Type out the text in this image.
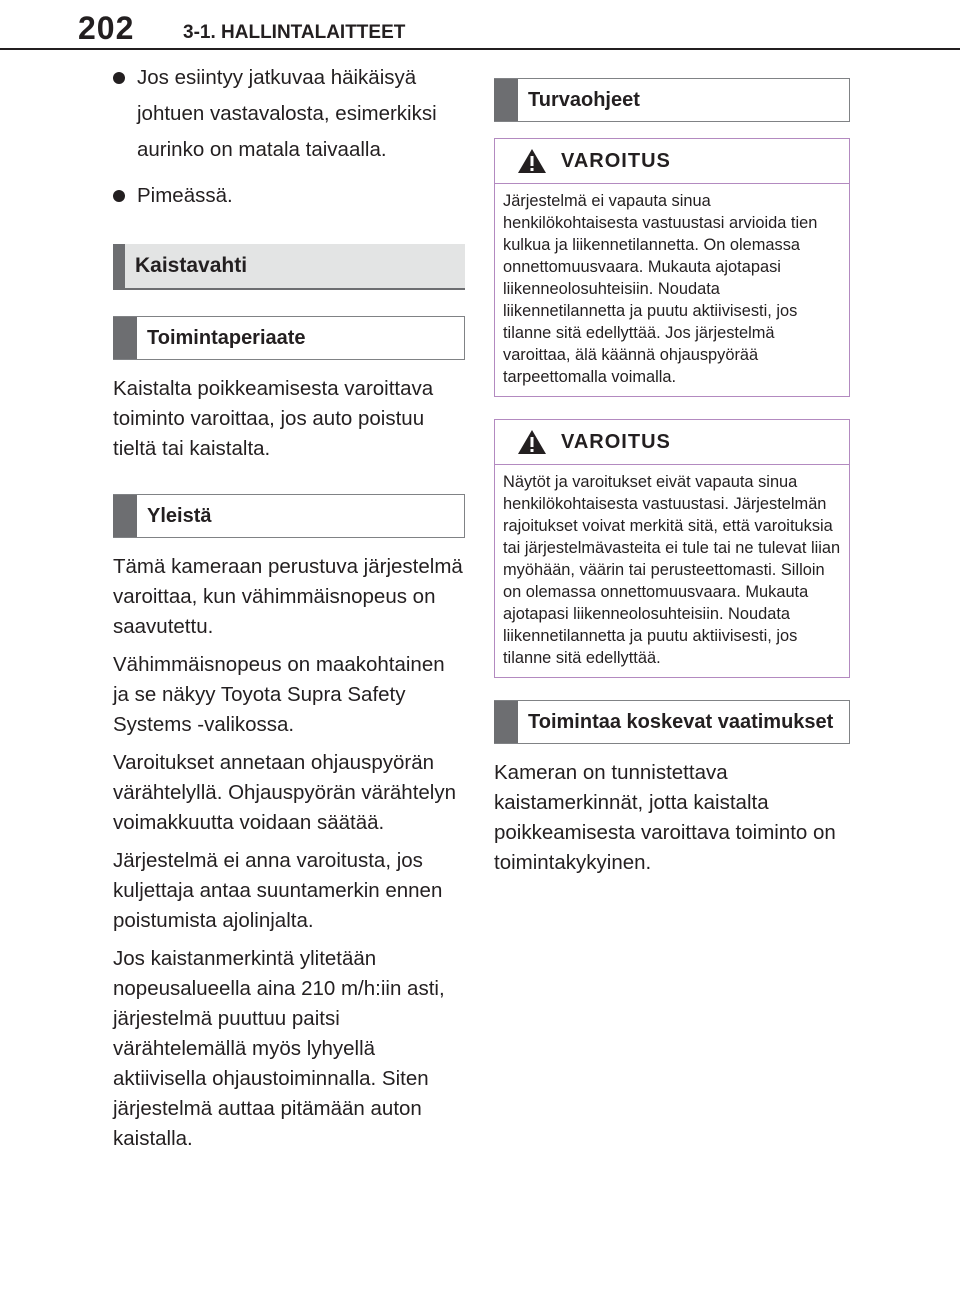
202	3-1. HALLINTALAITTEET
Jos esiintyy jatkuvaa häikäisyä johtuen vastavalosta, esimerkiksi aurinko on matala taivaalla.
Pimeässä.
Kaistavahti
Toimintaperiaate

Kaistalta poikkeamisesta varoittava toiminto varoittaa, jos auto poistuu tieltä tai kaistalta.

Yleistä

Tämä kameraan perustuva järjestelmä varoittaa, kun vähimmäisnopeus on saavutettu.

Vähimmäisnopeus on maakohtainen ja se näkyy Toyota Supra Safety Systems -valikossa.

Varoitukset annetaan ohjauspyörän värähtelyllä. Ohjauspyörän värähtelyn voimakkuutta voidaan säätää.

Järjestelmä ei anna varoitusta, jos kuljettaja antaa suuntamerkin ennen poistumista ajolinjalta.

Jos kaistanmerkintä ylitetään nopeusalueella aina 210 m/h:iin asti, järjestelmä puuttuu paitsi värähtelemällä myös lyhyellä aktiivisella ohjaustoiminnalla. Siten järjestelmä auttaa pitämään auton kaistalla.

Turvaohjeet
VAROITUS
Järjestelmä ei vapauta sinua henkilökohtaisesta vastuustasi arvioida tien kulkua ja liikennetilannetta. On olemassa onnettomuusvaara. Mukauta ajotapasi liikenneolosuhteisiin. Noudata liikennetilannetta ja puutu aktiivisesti, jos tilanne sitä edellyttää. Jos järjestelmä varoittaa, älä käännä ohjauspyörää tarpeettomalla voimalla.
VAROITUS
Näytöt ja varoitukset eivät vapauta sinua henkilökohtaisesta vastuustasi. Järjestelmän rajoitukset voivat merkitä sitä, että varoituksia tai järjestelmävasteita ei tule tai ne tulevat liian myöhään, väärin tai perusteettomasti. Silloin on olemassa onnettomuusvaara. Mukauta ajotapasi liikenneolosuhteisiin. Noudata liikennetilannetta ja puutu aktiivisesti, jos tilanne sitä edellyttää.
Toimintaa koskevat vaatimukset

Kameran on tunnistettava kaistamerkinnät, jotta kaistalta poikkeamisesta varoittava toiminto on toimintakykyinen.
